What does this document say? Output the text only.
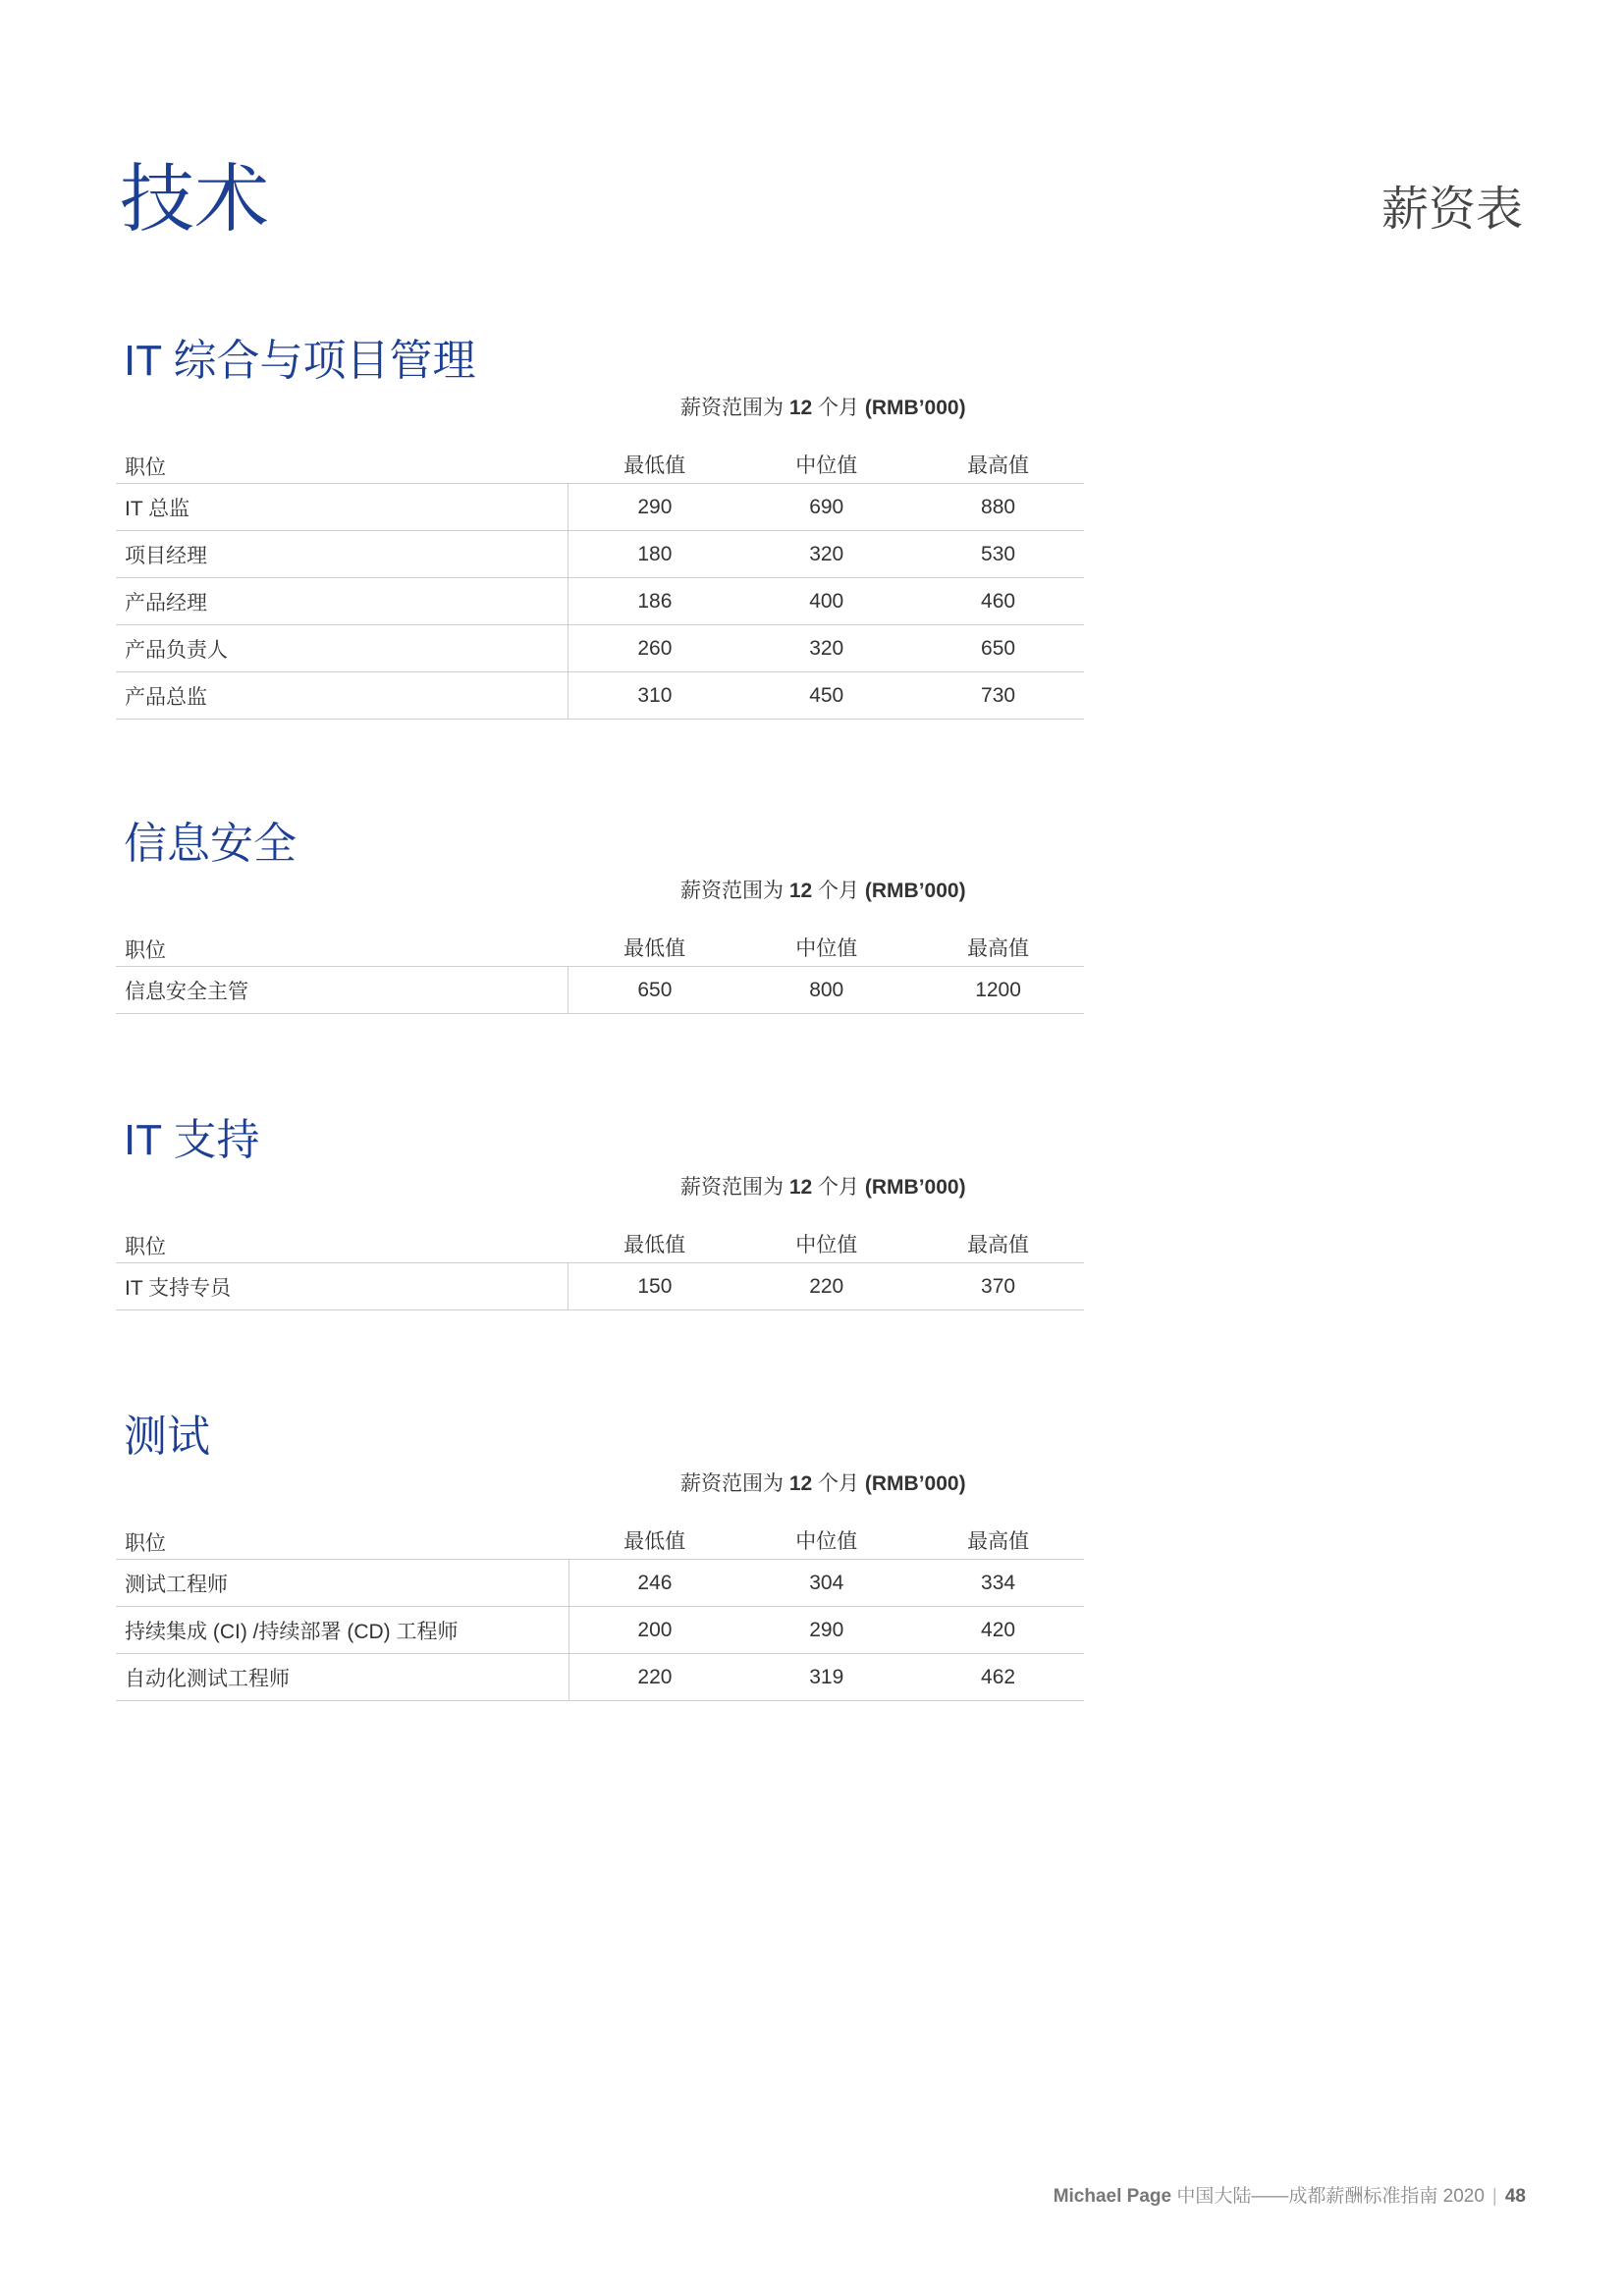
技术	薪资表
IT 综合与项目管理
薪资范围为 12 个月 (RMB’000)
职位	最低值	中位值	最高值
IT 总监	290	690	880
项目经理	180	320	530
产品经理	186	400	460
产品负责人	260	320	650
产品总监	310	450	730
信息安全
薪资范围为 12 个月 (RMB’000)
职位	最低值	中位值	最高值
信息安全主管	650	800	1200
IT 支持
薪资范围为 12 个月 (RMB’000)
职位	最低值	中位值	最高值
IT 支持专员	150	220	370
测试
薪资范围为 12 个月 (RMB’000)
职位	最低值	中位值	最高值
测试工程师	246	304	334
持续集成 (CI) /持续部署 (CD) 工程师	200	290	420
自动化测试工程师	220	319	462
Michael Page 中国大陆——成都薪酬标准指南 2020 | 48
